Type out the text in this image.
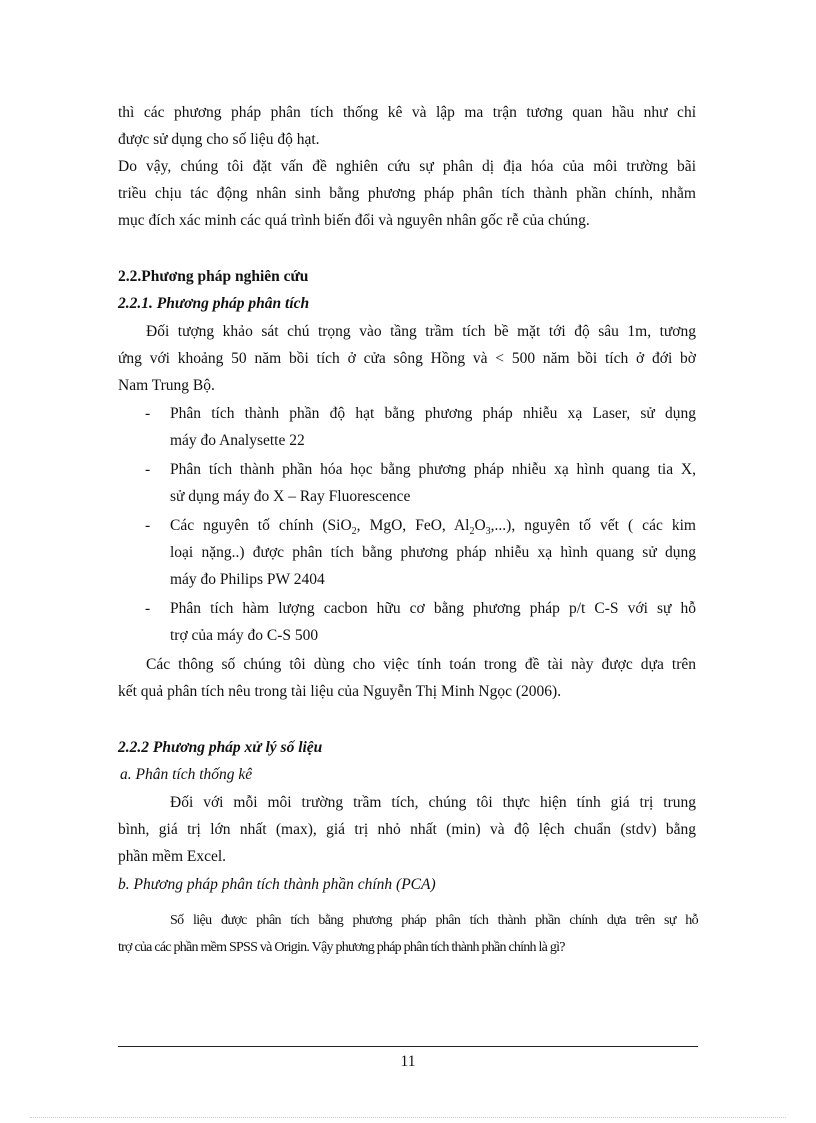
thì các phương pháp phân tích thống kê và lập ma trận tương quan hầu như chỉ
được sử dụng cho số liệu độ hạt.
Do vậy, chúng tôi đặt vấn đề nghiên cứu sự phân dị địa hóa của môi trường bãi
triều chịu tác động nhân sinh bằng phương pháp phân tích thành phần chính, nhằm
mục đích xác minh các quá trình biến đổi và nguyên nhân gốc rễ của chúng.
2.2.Phương pháp nghiên cứu
2.2.1. Phương pháp phân tích
Đối tượng khảo sát chú trọng vào tầng trầm tích bề mặt tới độ sâu 1m, tương
ứng với khoảng 50 năm bồi tích ở cửa sông Hồng và < 500 năm bồi tích ở đới bờ
Nam Trung Bộ.
- Phân tích thành phần độ hạt bằng phương pháp nhiễu xạ Laser, sử dụng
máy đo Analysette 22
- Phân tích thành phần hóa học bằng phương pháp nhiễu xạ hình quang tia X,
sử dụng máy đo X – Ray Fluorescence
- Các nguyên tố chính (SiO$_2$, MgO, FeO, $Al_2O_3$,...), nguyên tố vết ( các kim
loại nặng..) được phân tích bằng phương pháp nhiễu xạ hình quang sử dụng
máy đo Philips PW 2404
- Phân tích hàm lượng cacbon hữu cơ bằng phương pháp p/t C-S với sự hỗ
trợ của máy đo C-S 500
Các thông số chúng tôi dùng cho việc tính toán trong đề tài này được dựa trên
kết quả phân tích nêu trong tài liệu của Nguyễn Thị Minh Ngọc (2006).
2.2.2 Phương pháp xử lý số liệu
a. Phân tích thống kê
Đối với mỗi môi trường trầm tích, chúng tôi thực hiện tính giá trị trung
bình, giá trị lớn nhất (max), giá trị nhỏ nhất (min) và độ lệch chuẩn (stdv) bằng
phần mềm Excel.
b. Phương pháp phân tích thành phần chính (PCA)
Số liệu được phân tích bằng phương pháp phân tích thành phần chính dựa trên sự hỗ
trợ của các phần mềm SPSS và Origin. Vậy phương pháp phân tích thành phần chính là gì?
11
